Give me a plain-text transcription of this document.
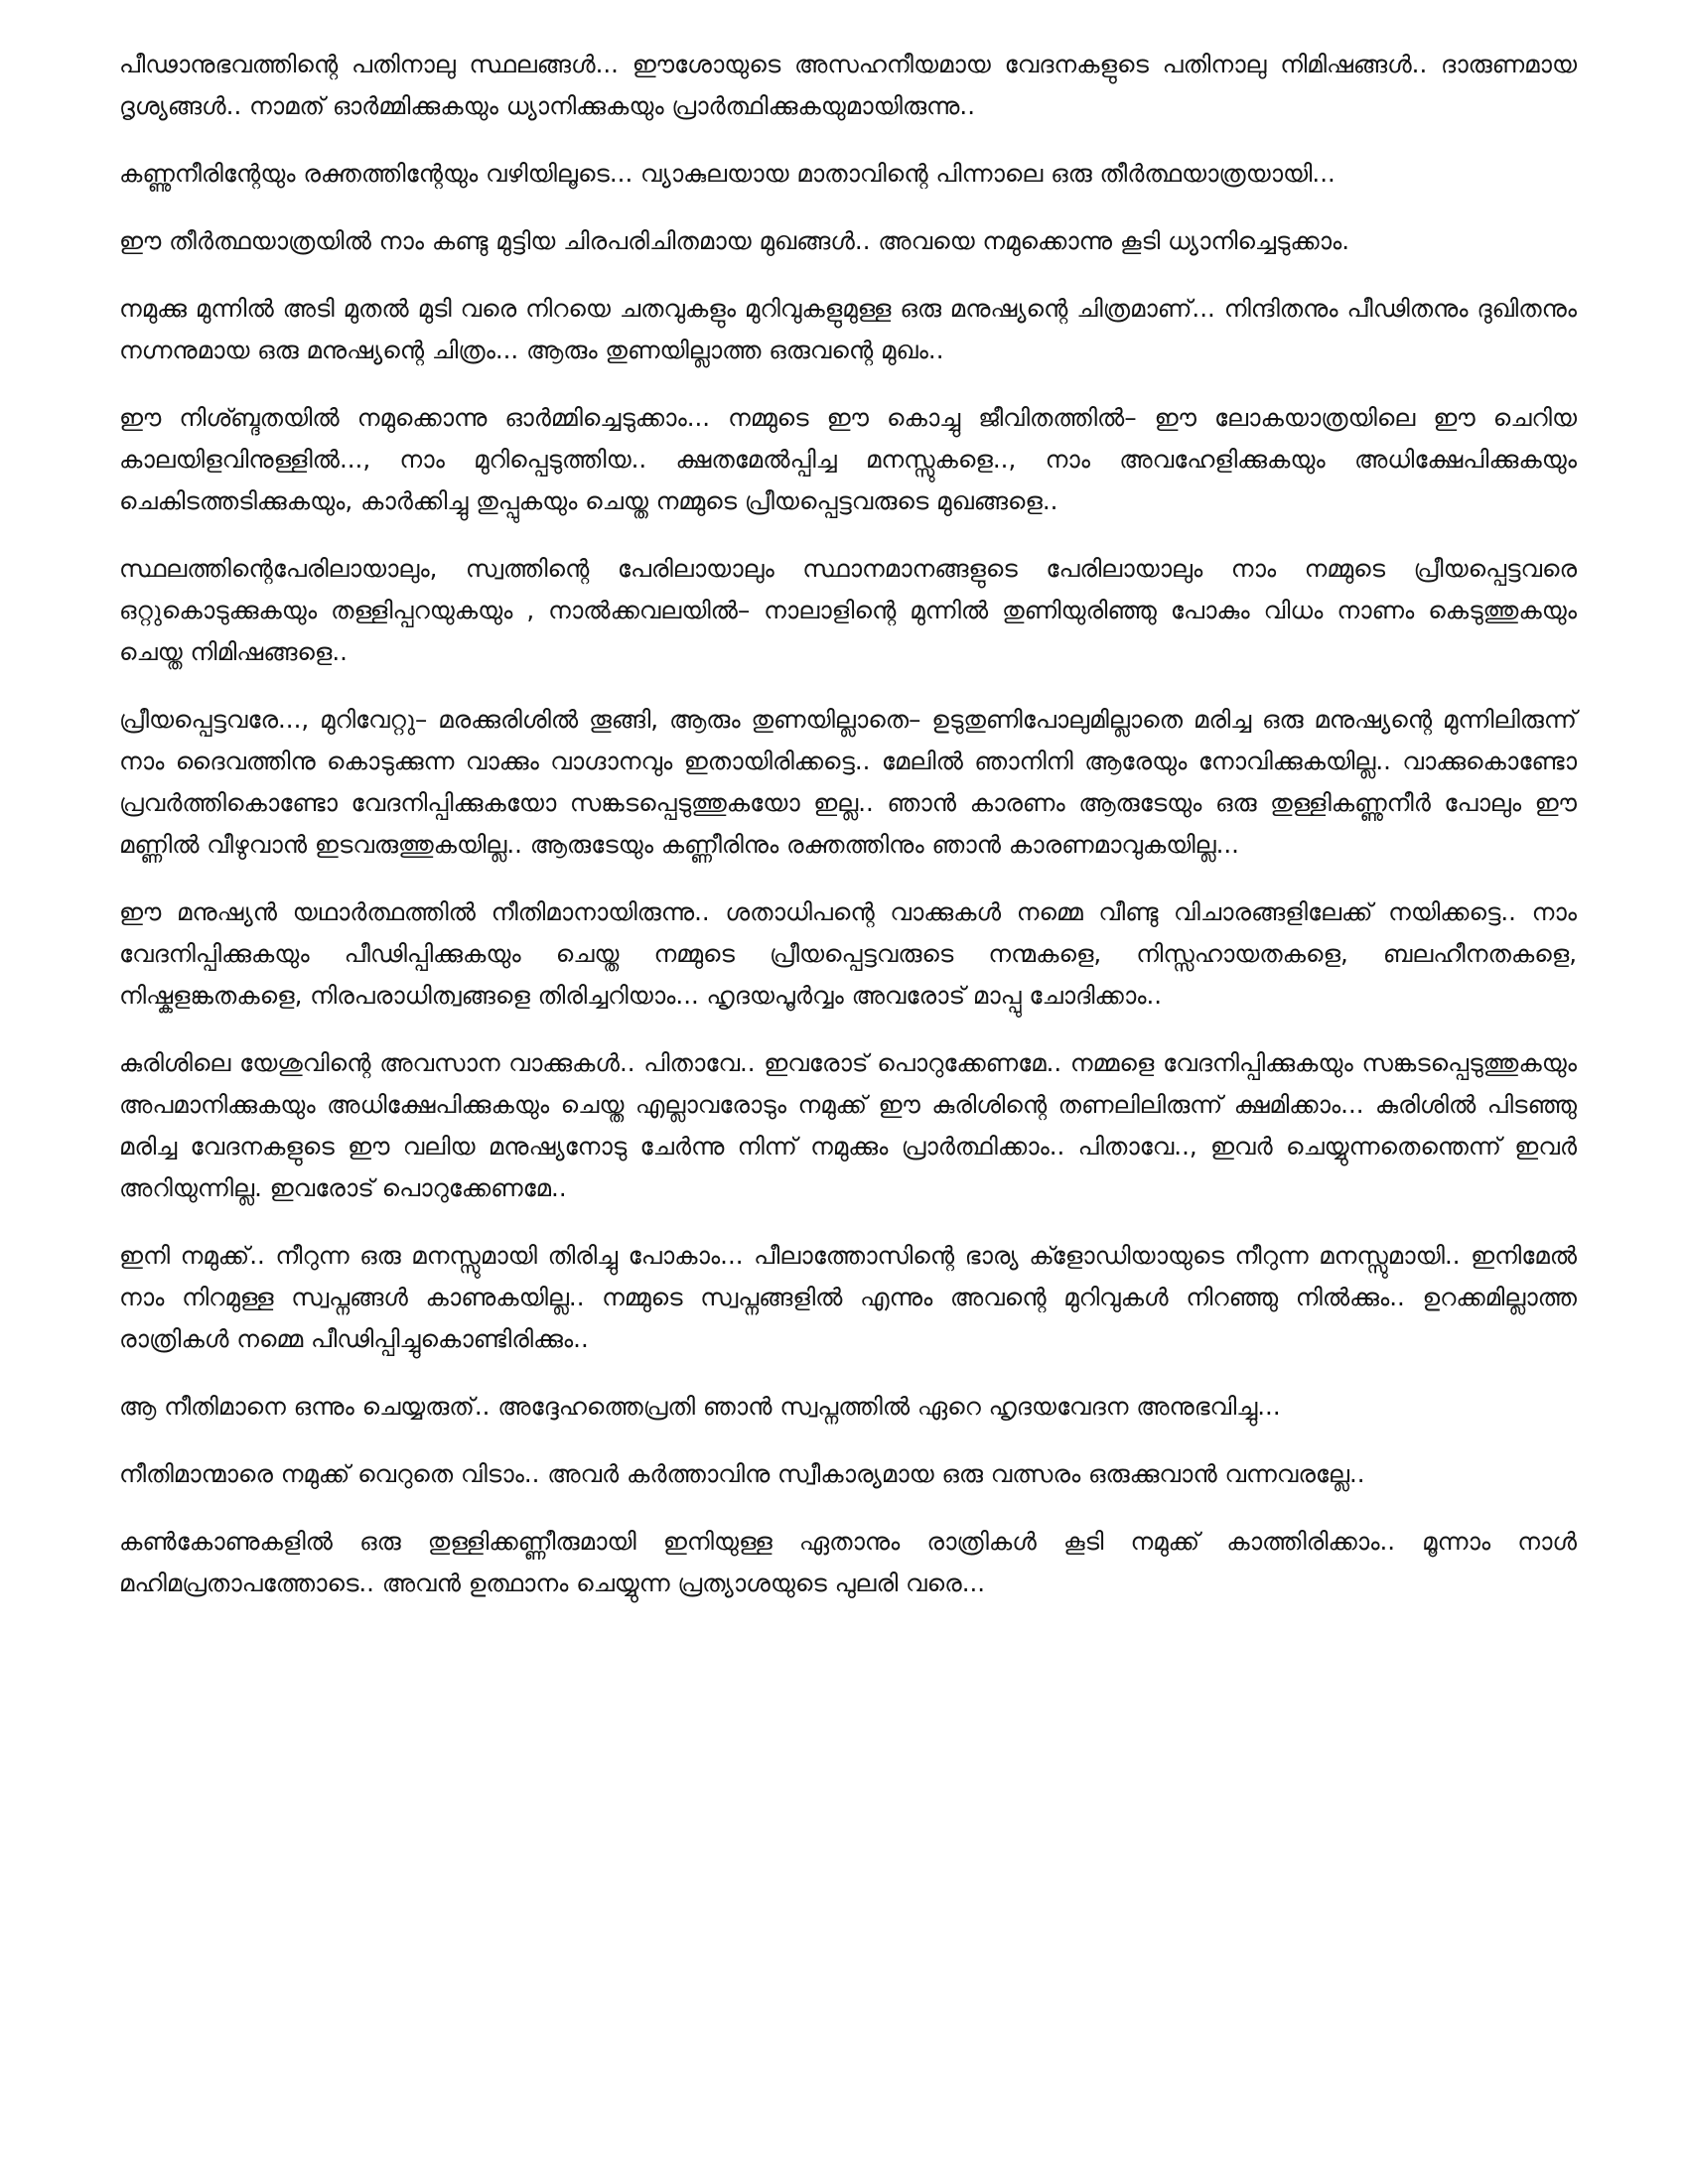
പീഢാനുഭവത്തിന്റെ പതിനാലു സ്ഥലങ്ങൾ... ഈശോയുടെ അസഹനീയമായ വേദനകളുടെ പതിനാലു നിമിഷങ്ങൾ.. ദാരുണമായ ദൃശ്യങ്ങൾ.. നാമത് ഓർമ്മിക്കുകയും ധ്യാനിക്കുകയും പ്രാർത്ഥിക്കുകയുമായിരുന്നു..

കണ്ണുനീരിന്റേയും രക്തത്തിന്റേയും വഴിയിലൂടെ... വ്യാകുലയായ മാതാവിന്റെ പിന്നാലെ ഒരു തീർത്ഥയാത്രയായി...

ഈ തീർത്ഥയാത്രയിൽ നാം കണ്ടു മുട്ടിയ ചിരപരിചിതമായ മുഖങ്ങൾ.. അവയെ നമുക്കൊന്നു കൂടി ധ്യാനിച്ചെടുക്കാം.

നമുക്കു മുന്നിൽ അടി മുതൽ മുടി വരെ നിറയെ ചതവുകളും മുറിവുകളുമുള്ള ഒരു മനുഷ്യന്റെ ചിത്രമാണ്... നിന്ദിതനും പീഢിതനും ദുഖിതനും നഗ്നനുമായ ഒരു മനുഷ്യന്റെ ചിത്രം... ആരും തുണയില്ലാത്ത ഒരുവന്റെ മുഖം..

ഈ നിശ്ബ്ദതയിൽ നമുക്കൊന്നു ഓർമ്മിച്ചെടുക്കാം... നമ്മുടെ ഈ കൊച്ചു ജീവിതത്തിൽ– ഈ ലോകയാത്രയിലെ ഈ ചെറിയ കാലയിളവിനുള്ളിൽ..., നാം മുറിപ്പെടുത്തിയ.. ക്ഷതമേൽപ്പിച്ച മനസ്സുകളെ.., നാം അവഹേളിക്കുകയും അധിക്ഷേപിക്കുകയും ചെകിടത്തടിക്കുകയും, കാർക്കിച്ചു തുപ്പുകയും ചെയ്ത നമ്മുടെ പ്രീയപ്പെട്ടവരുടെ മുഖങ്ങളെ..

സ്ഥലത്തിന്റെപേരിലായാലും, സ്വത്തിന്റെ പേരിലായാലും സ്ഥാനമാനങ്ങളുടെ പേരിലായാലും നാം നമ്മുടെ പ്രീയപ്പെട്ടവരെ ഒറ്റുകൊടുക്കുകയും തള്ളിപ്പറയുകയും , നാൽക്കവലയിൽ– നാലാളിന്റെ മുന്നിൽ തുണിയുരിഞ്ഞു പോകും വിധം നാണം കെടുത്തുകയും ചെയ്ത നിമിഷങ്ങളെ..

പ്രീയപ്പെട്ടവരേ..., മുറിവേറ്റു– മരക്കുരിശിൽ തൂങ്ങി, ആരും തുണയില്ലാതെ– ഉടുതുണിപോലുമില്ലാതെ മരിച്ച ഒരു മനുഷ്യന്റെ മുന്നിലിരുന്ന് നാം ദൈവത്തിനു കൊടുക്കുന്ന വാക്കും വാഗ്ദാനവും ഇതായിരിക്കട്ടെ.. മേലിൽ ഞാനിനി ആരേയും നോവിക്കുകയില്ല.. വാക്കുകൊണ്ടോ പ്രവർത്തികൊണ്ടോ വേദനിപ്പിക്കുകയോ സങ്കടപ്പെടുത്തുകയോ ഇല്ല.. ഞാൻ കാരണം ആരുടേയും ഒരു തുള്ളികണ്ണുനീർ പോലും ഈ മണ്ണിൽ വീഴുവാൻ ഇടവരുത്തുകയില്ല.. ആരുടേയും കണ്ണീരിനും രക്തത്തിനും ഞാൻ കാരണമാവുകയില്ല...

ഈ മനുഷ്യൻ യഥാർത്ഥത്തിൽ നീതിമാനായിരുന്നു.. ശതാധിപന്റെ വാക്കുകൾ നമ്മെ വീണ്ടു വിചാരങ്ങളിലേക്ക് നയിക്കട്ടെ.. നാം വേദനിപ്പിക്കുകയും പീഢിപ്പിക്കുകയും ചെയ്ത നമ്മുടെ പ്രീയപ്പെട്ടവരുടെ നന്മകളെ, നിസ്സഹായതകളെ, ബലഹീനതകളെ, നിഷ്കളങ്കതകളെ, നിരപരാധിത്വങ്ങളെ തിരിച്ചറിയാം... ഹൃദയപൂർവ്വം അവരോട് മാപ്പു ചോദിക്കാം..

കുരിശിലെ യേശുവിന്റെ അവസാന വാക്കുകൾ.. പിതാവേ.. ഇവരോട് പൊറുക്കേണമേ.. നമ്മളെ വേദനിപ്പിക്കുകയും സങ്കടപ്പെടുത്തുകയും അപമാനിക്കുകയും അധിക്ഷേപിക്കുകയും ചെയ്ത എല്ലാവരോടും നമുക്ക് ഈ കുരിശിന്റെ തണലിലിരുന്ന് ക്ഷമിക്കാം... കുരിശിൽ പിടഞ്ഞു മരിച്ച വേദനകളുടെ ഈ വലിയ മനുഷ്യനോടു ചേർന്നു നിന്ന് നമുക്കും പ്രാർത്ഥിക്കാം.. പിതാവേ.., ഇവർ ചെയ്യുന്നതെന്തെന്ന് ഇവർ അറിയുന്നില്ല. ഇവരോട് പൊറുക്കേണമേ..

ഇനി നമുക്ക്.. നീറുന്ന ഒരു മനസ്സുമായി തിരിച്ചു പോകാം... പീലാത്തോസിന്റെ ഭാര്യ ക്ളോഡിയായുടെ നീറുന്ന മനസ്സുമായി.. ഇനിമേൽ നാം നിറമുള്ള സ്വപ്നങ്ങൾ കാണുകയില്ല.. നമ്മുടെ സ്വപ്നങ്ങളിൽ എന്നും അവന്റെ മുറിവുകൾ നിറഞ്ഞു നിൽക്കും.. ഉറക്കമില്ലാത്ത രാത്രികൾ നമ്മെ പീഢിപ്പിച്ചുകൊണ്ടിരിക്കും..

ആ നീതിമാനെ ഒന്നും ചെയ്യരുത്.. അദ്ദേഹത്തെപ്രതി ഞാൻ സ്വപ്നത്തിൽ ഏറെ ഹൃദയവേദന അനുഭവിച്ചു...

നീതിമാന്മാരെ നമുക്ക് വെറുതെ വിടാം.. അവർ കർത്താവിനു സ്വീകാര്യമായ ഒരു വത്സരം ഒരുക്കുവാൻ വന്നവരല്ലേ..

കൺകോണുകളിൽ ഒരു തുള്ളിക്കണ്ണീരുമായി ഇനിയുള്ള ഏതാനും രാത്രികൾ കൂടി നമുക്ക് കാത്തിരിക്കാം.. മൂന്നാം നാൾ മഹിമപ്രതാപത്തോടെ.. അവൻ ഉത്ഥാനം ചെയ്യുന്ന പ്രത്യാശയുടെ പുലരി വരെ...
